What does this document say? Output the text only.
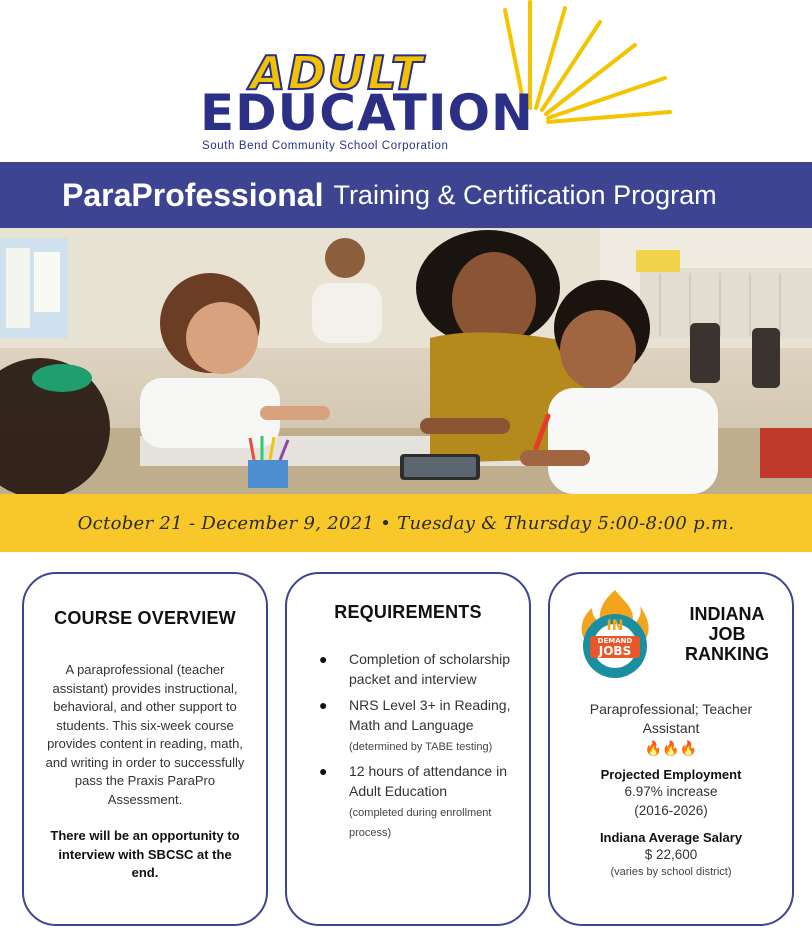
ADULT
EDUCATION
South Bend Community School Corporation
ParaProfessional Training & Certification Program
October 21 - December 9, 2021 • Tuesday & Thursday 5:00-8:00 p.m.
COURSE OVERVIEW

A paraprofessional (teacher assistant) provides instructional, behavioral, and other support to students. This six-week course provides content in reading, math, and writing in order to successfully pass the Praxis ParaPro Assessment.

There will be an opportunity to interview with SBCSC at the end.

REQUIREMENTS
● Completion of scholarship packet and interview
● NRS Level 3+ in Reading, Math and Language (determined by TABE testing)
● 12 hours of attendance in Adult Education
(completed during enrollment process)
IN
DEMAND
JOBS
INDIANA JOB RANKING
Paraprofessional; Teacher Assistant
🔥🔥🔥
Projected Employment
6.97% increase
(2016-2026)
Indiana Average Salary
$ 22,600
(varies by school district)
